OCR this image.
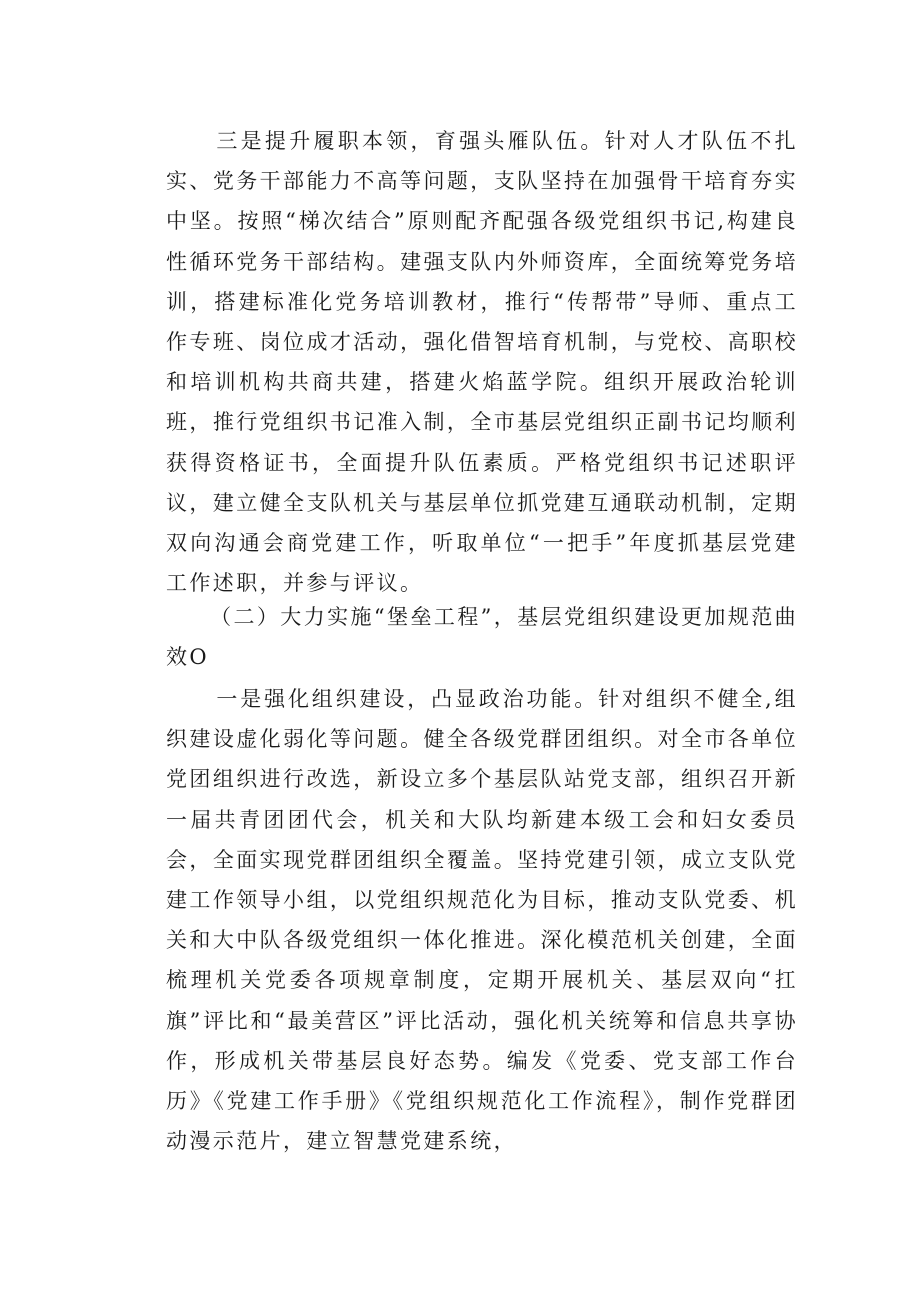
三是提升履职本领，育强头雁队伍。针对人才队伍不扎实、党务干部能力不高等问题，支队坚持在加强骨干培育夯实中坚。按照“梯次结合”原则配齐配强各级党组织书记,构建良性循环党务干部结构。建强支队内外师资库，全面统筹党务培训，搭建标准化党务培训教材，推行“传帮带”导师、重点工作专班、岗位成才活动，强化借智培育机制，与党校、高职校和培训机构共商共建，搭建火焰蓝学院。组织开展政治轮训班，推行党组织书记准入制，全市基层党组织正副书记均顺利获得资格证书，全面提升队伍素质。严格党组织书记述职评议，建立健全支队机关与基层单位抓党建互通联动机制，定期双向沟通会商党建工作，听取单位“一把手”年度抓基层党建工作述职，并参与评议。

（二）大力实施“堡垒工程”，基层党组织建设更加规范曲效O

一是强化组织建设，凸显政治功能。针对组织不健全,组织建设虚化弱化等问题。健全各级党群团组织。对全市各单位党团组织进行改选，新设立多个基层队站党支部，组织召开新一届共青团团代会，机关和大队均新建本级工会和妇女委员会，全面实现党群团组织全覆盖。坚持党建引领，成立支队党建工作领导小组，以党组织规范化为目标，推动支队党委、机关和大中队各级党组织一体化推进。深化模范机关创建，全面梳理机关党委各项规章制度，定期开展机关、基层双向“扛旗”评比和“最美营区”评比活动，强化机关统筹和信息共享协作，形成机关带基层良好态势。编发《党委、党支部工作台历》《党建工作手册》《党组织规范化工作流程》，制作党群团动漫示范片，建立智慧党建系统，
